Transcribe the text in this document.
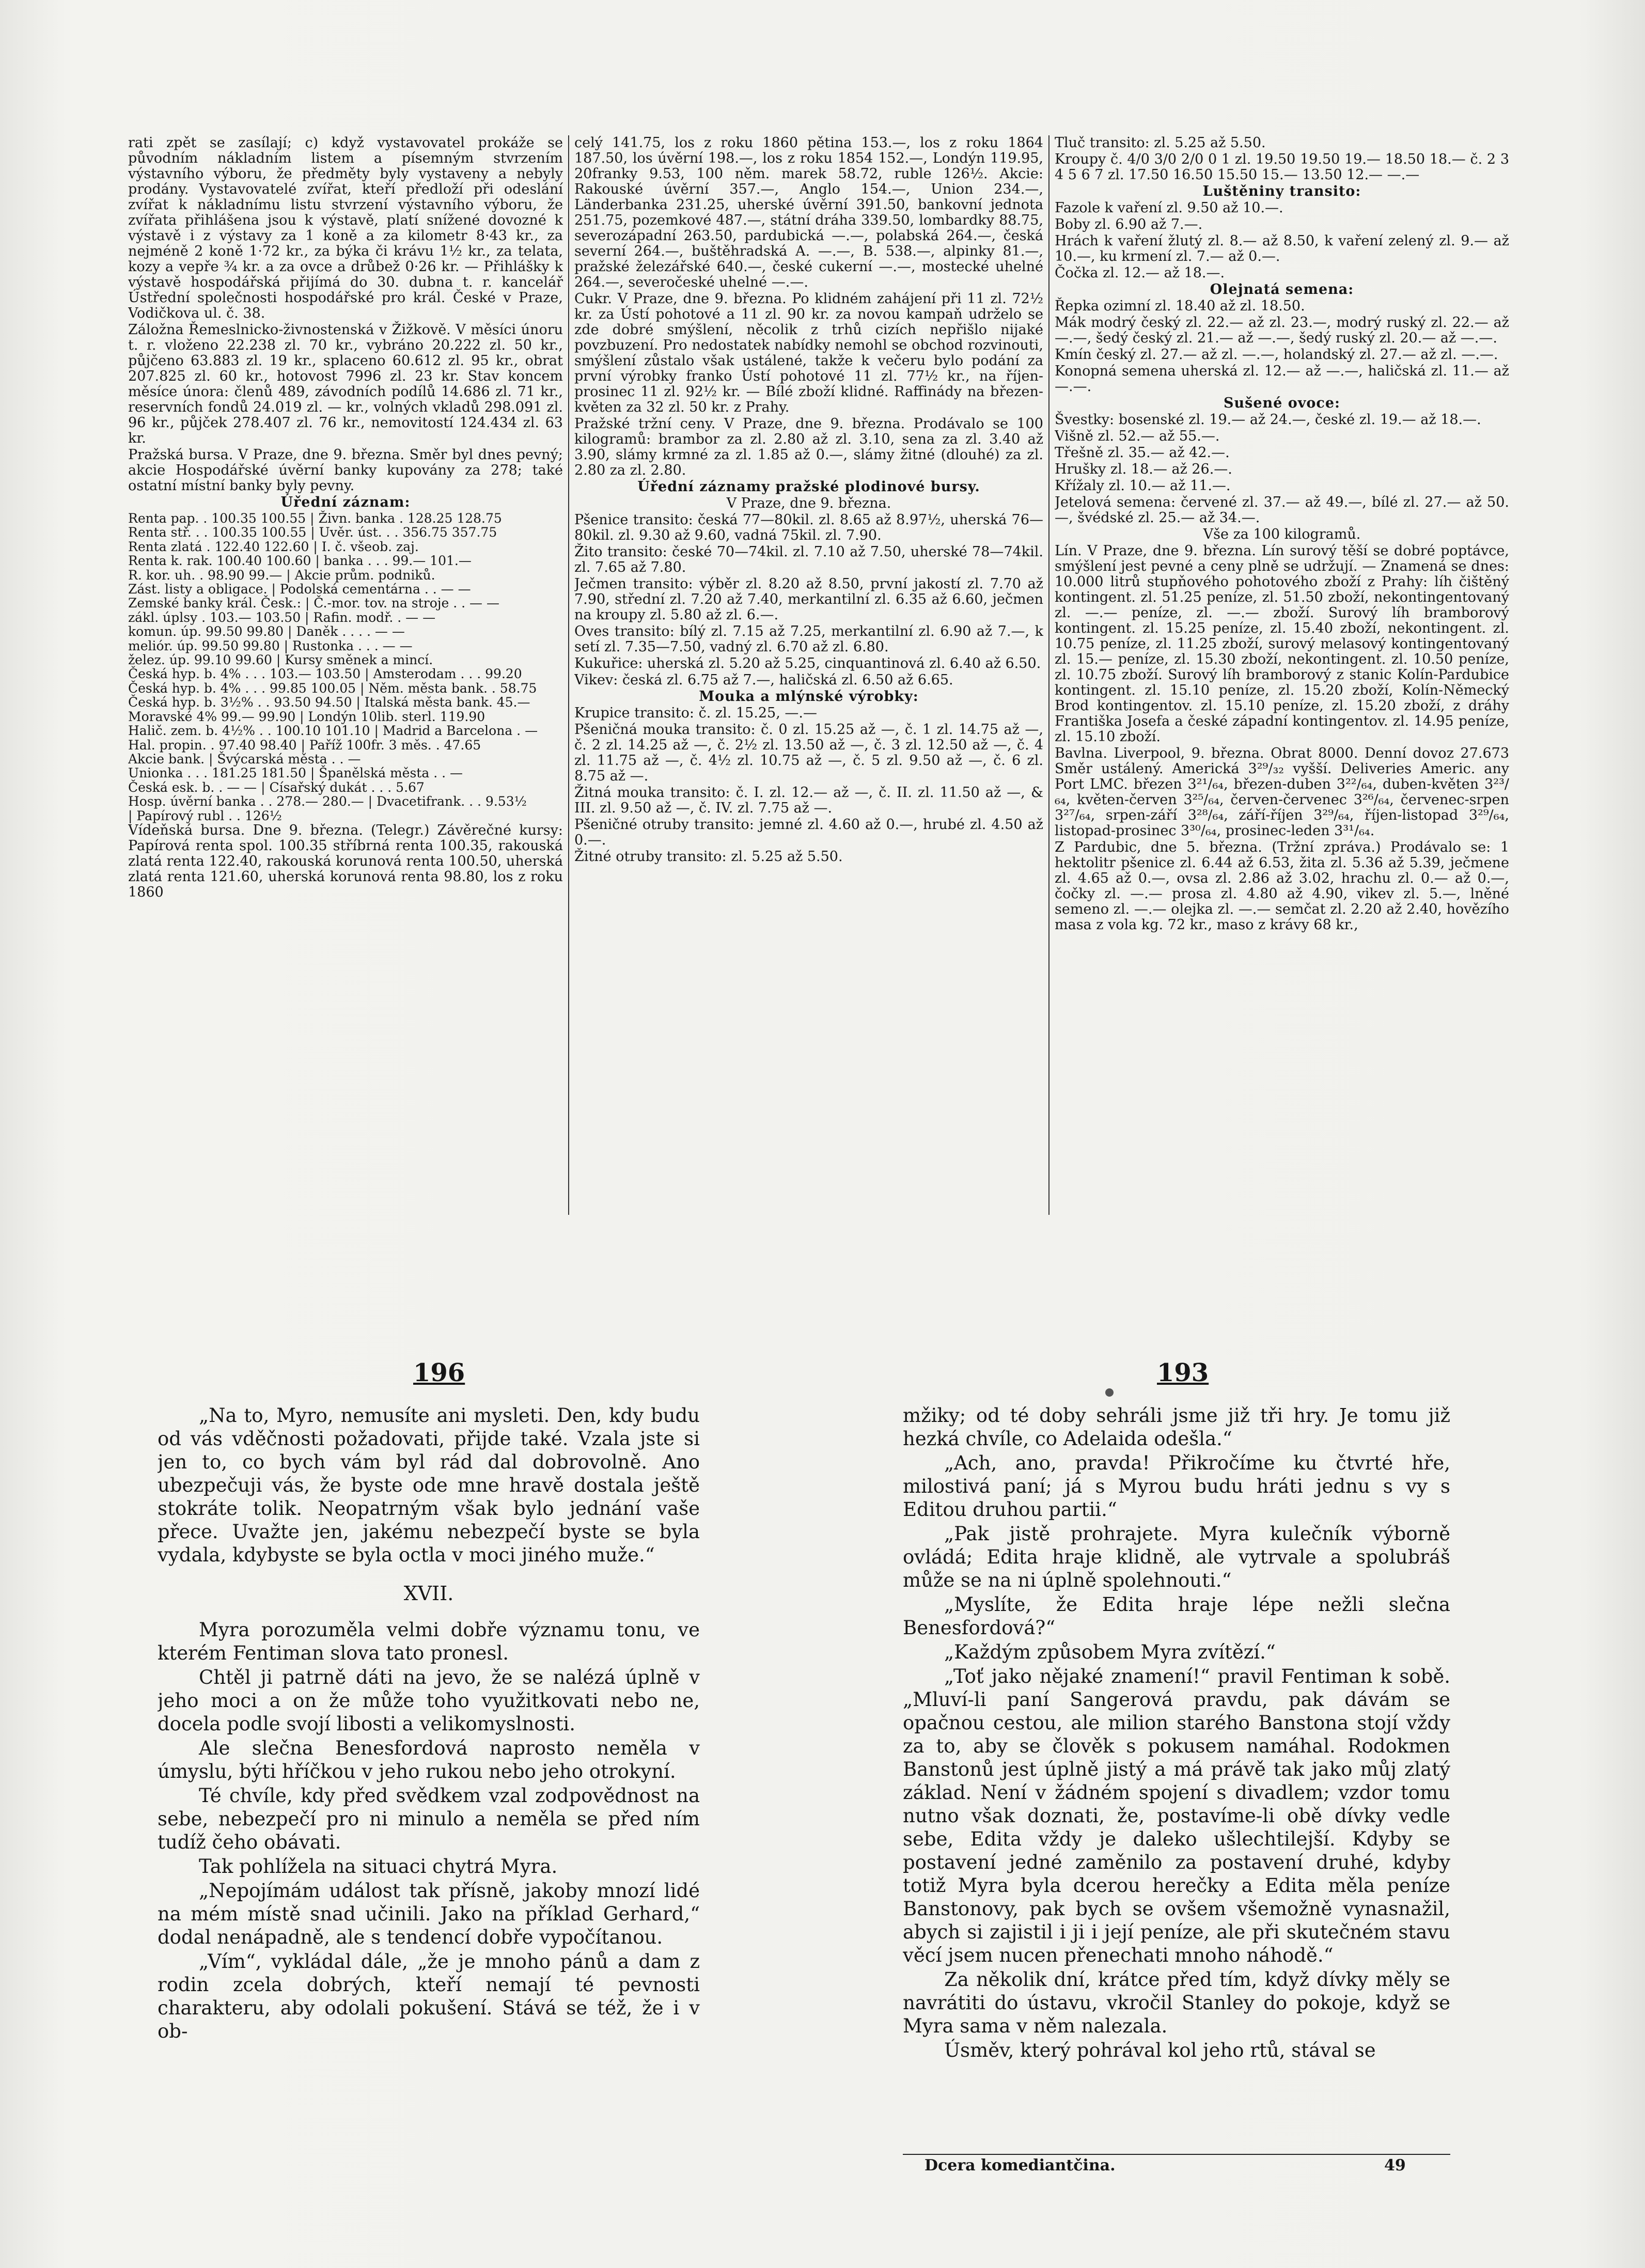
rati zpět se zasílají; c) když vystavovatel prokáže se původním nákladním listem a písemným stvrzením výstavního výboru, že předměty byly vystaveny a nebyly prodány. Vystavovatelé zvířat, kteří předloží při odeslání zvířat k nákladnímu listu stvrzení výstavního výboru, že zvířata přihlášena jsou k výstavě, platí snížené dovozné k výstavě i z výstavy za 1 koně a za kilometr 8·43 kr., za nejméně 2 koně 1·72 kr., za býka či krávu 1½ kr., za telata, kozy a vepře ¾ kr. a za ovce a drůbež 0·26 kr. — Přihlášky k výstavě hospodářská přijímá do 30. dubna t. r. kancelář Ústřední společnosti hospodářské pro král. České v Praze, Vodičkova ul. č. 38.

Záložna Řemeslnicko-živnostenská v Žižkově. V měsíci únoru t. r. vloženo 22.238 zl. 70 kr., vybráno 20.222 zl. 50 kr., půjčeno 63.883 zl. 19 kr., splaceno 60.612 zl. 95 kr., obrat 207.825 zl. 60 kr., hotovost 7996 zl. 23 kr. Stav koncem měsíce února: členů 489, závodních podílů 14.686 zl. 71 kr., reservních fondů 24.019 zl. — kr., volných vkladů 298.091 zl. 96 kr., půjček 278.407 zl. 76 kr., nemovitostí 124.434 zl. 63 kr.

Pražská bursa. V Praze, dne 9. března. Směr byl dnes pevný; akcie Hospodářské úvěrní banky kupovány za 278; také ostatní místní banky byly pevny.

Úřední záznam:

Renta pap. . 100.35 100.55 | Živn. banka . 128.25 128.75
Renta stř. . . 100.35 100.55 | Uvěr. úst. . . 356.75 357.75
Renta zlatá . 122.40 122.60 | I. č. všeob. zaj.
Renta k. rak. 100.40 100.60 | banka . . . 99.— 101.—
R. kor. uh. . 98.90 99.— | Akcie prům. podniků.
Zást. listy a obligace. | Podolská cementárna . . — —
Zemské banky král. Česk.: | Č.-mor. tov. na stroje . . — —
zákl. úplsy . 103.— 103.50 | Rafin. modř. . — —
komun. úp. 99.50 99.80 | Daněk . . . . — —
meliór. úp. 99.50 99.80 | Rustonka . . . — —
želez. úp. 99.10 99.60 | Kursy směnek a mincí.
Česká hyp. b. 4% . . . 103.— 103.50 | Amsterodam . . . 99.20
Česká hyp. b. 4% . . . 99.85 100.05 | Něm. města bank. . 58.75
Česká hyp. b. 3½% . . 93.50 94.50 | Italská města bank. 45.—
Moravské 4% 99.— 99.90 | Londýn 10lib. sterl. 119.90
Halič. zem. b. 4½% . . 100.10 101.10 | Madrid a Barcelona . —
Hal. propin. . 97.40 98.40 | Paříž 100fr. 3 měs. . 47.65
Akcie bank. | Švýcarská města . . —
Unionka . . . 181.25 181.50 | Španělská města . . —
Česká esk. b. . — — | Císařský dukát . . . 5.67
Hosp. úvěrní banka . . 278.— 280.— | Dvacetifrank. . . 9.53½
| Papírový rubl . . 126½

Vídeňská bursa. Dne 9. března. (Telegr.) Závěrečné kursy: Papírová renta spol. 100.35 stříbrná renta 100.35, rakouská zlatá renta 122.40, rakouská korunová renta 100.50, uherská zlatá renta 121.60, uherská korunová renta 98.80, los z roku 1860

celý 141.75, los z roku 1860 pětina 153.—, los z roku 1864 187.50, los úvěrní 198.—, los z roku 1854 152.—, Londýn 119.95, 20franky 9.53, 100 něm. marek 58.72, ruble 126½. Akcie: Rakouské úvěrní 357.—, Anglo 154.—, Union 234.—, Länderbanka 231.25, uherské úvěrní 391.50, bankovní jednota 251.75, pozemkové 487.—, státní dráha 339.50, lombardky 88.75, severozápadní 263.50, pardubická —.—, polabská 264.—, česká severní 264.—, buštěhradská A. —.—, B. 538.—, alpinky 81.—, pražské železářské 640.—, české cukerní —.—, mostecké uhelné 264.—, severočeské uhelné —.—.

Cukr. V Praze, dne 9. března. Po klidném zahájení při 11 zl. 72½ kr. za Ústí pohotové a 11 zl. 90 kr. za novou kampaň udrželo se zde dobré smýšlení, něcolik z trhů cizích nepřišlo nijaké povzbuzení. Pro nedostatek nabídky nemohl se obchod rozvinouti, smýšlení zůstalo však ustálené, takže k večeru bylo podání za první výrobky franko Ústí pohotové 11 zl. 77½ kr., na říjen-prosinec 11 zl. 92½ kr. — Bílé zboží klidné. Raffinády na březen-květen za 32 zl. 50 kr. z Prahy.

Pražské tržní ceny. V Praze, dne 9. března. Prodávalo se 100 kilogramů: brambor za zl. 2.80 až zl. 3.10, sena za zl. 3.40 až 3.90, slámy krmné za zl. 1.85 až 0.—, slámy žitné (dlouhé) za zl. 2.80 za zl. 2.80.

Úřední záznamy pražské plodinové bursy.

V Praze, dne 9. března.

Pšenice transito: česká 77—80kil. zl. 8.65 až 8.97½, uherská 76—80kil. zl. 9.30 až 9.60, vadná 75kil. zl. 7.90.

Žito transito: české 70—74kil. zl. 7.10 až 7.50, uherské 78—74kil. zl. 7.65 až 7.80.

Ječmen transito: výběr zl. 8.20 až 8.50, první jakostí zl. 7.70 až 7.90, střední zl. 7.20 až 7.40, merkantilní zl. 6.35 až 6.60, ječmen na kroupy zl. 5.80 až zl. 6.—.

Oves transito: bílý zl. 7.15 až 7.25, merkantilní zl. 6.90 až 7.—, k setí zl. 7.35—7.50, vadný zl. 6.70 až zl. 6.80.

Kukuřice: uherská zl. 5.20 až 5.25, cinquantinová zl. 6.40 až 6.50.

Vikev: česká zl. 6.75 až 7.—, haličská zl. 6.50 až 6.65.

Mouka a mlýnské výrobky:

Krupice transito: č. zl. 15.25, —.—

Pšeničná mouka transito: č. 0 zl. 15.25 až —, č. 1 zl. 14.75 až —, č. 2 zl. 14.25 až —, č. 2½ zl. 13.50 až —, č. 3 zl. 12.50 až —, č. 4 zl. 11.75 až —, č. 4½ zl. 10.75 až —, č. 5 zl. 9.50 až —, č. 6 zl. 8.75 až —.

Žitná mouka transito: č. I. zl. 12.— až —, č. II. zl. 11.50 až —, & III. zl. 9.50 až —, č. IV. zl. 7.75 až —.

Pšeničné otruby transito: jemné zl. 4.60 až 0.—, hrubé zl. 4.50 až 0.—.

Žitné otruby transito: zl. 5.25 až 5.50.

Tluč transito: zl. 5.25 až 5.50.

Kroupy č. 4/0 3/0 2/0 0 1 zl. 19.50 19.50 19.— 18.50 18.— č. 2 3 4 5 6 7 zl. 17.50 16.50 15.50 15.— 13.50 12.— —.—

Luštěniny transito:

Fazole k vaření zl. 9.50 až 10.—.

Boby zl. 6.90 až 7.—.

Hrách k vaření žlutý zl. 8.— až 8.50, k vaření zelený zl. 9.— až 10.—, ku krmení zl. 7.— až 0.—.

Čočka zl. 12.— až 18.—.

Olejnatá semena:

Řepka ozimní zl. 18.40 až zl. 18.50.

Mák modrý český zl. 22.— až zl. 23.—, modrý ruský zl. 22.— až —.—, šedý český zl. 21.— až —.—, šedý ruský zl. 20.— až —.—.

Kmín český zl. 27.— až zl. —.—, holandský zl. 27.— až zl. —.—.

Konopná semena uherská zl. 12.— až —.—, haličská zl. 11.— až —.—.

Sušené ovoce:

Švestky: bosenské zl. 19.— až 24.—, české zl. 19.— až 18.—.

Višně zl. 52.— až 55.—.

Třešně zl. 35.— až 42.—.

Hrušky zl. 18.— až 26.—.

Křížaly zl. 10.— až 11.—.

Jetelová semena: červené zl. 37.— až 49.—, bílé zl. 27.— až 50.—, švédské zl. 25.— až 34.—.

Vše za 100 kilogramů.

Lín. V Praze, dne 9. března. Lín surový těší se dobré poptávce, smýšlení jest pevné a ceny plně se udržují. — Znamená se dnes: 10.000 litrů stupňového pohotového zboží z Prahy: líh čištěný kontingent. zl. 51.25 peníze, zl. 51.50 zboží, nekontingentovaný zl. —.— peníze, zl. —.— zboží. Surový líh bramborový kontingent. zl. 15.25 peníze, zl. 15.40 zboží, nekontingent. zl. 10.75 peníze, zl. 11.25 zboží, surový melasový kontingentovaný zl. 15.— peníze, zl. 15.30 zboží, nekontingent. zl. 10.50 peníze, zl. 10.75 zboží. Surový líh bramborový z stanic Kolín-Pardubice kontingent. zl. 15.10 peníze, zl. 15.20 zboží, Kolín-Německý Brod kontingentov. zl. 15.10 peníze, zl. 15.20 zboží, z dráhy Františka Josefa a české západní kontingentov. zl. 14.95 peníze, zl. 15.10 zboží.

Bavlna. Liverpool, 9. března. Obrat 8000. Denní dovoz 27.673 Směr ustálený. Americká 3²⁹/₃₂ vyšší. Deliveries Americ. any Port LMC. březen 3²¹/₆₄, březen-duben 3²²/₆₄, duben-květen 3²³/₆₄, květen-červen 3²⁵/₆₄, červen-červenec 3²⁶/₆₄, červenec-srpen 3²⁷/₆₄, srpen-září 3²⁸/₆₄, září-říjen 3²⁹/₆₄, říjen-listopad 3²⁹/₆₄, listopad-prosinec 3³⁰/₆₄, prosinec-leden 3³¹/₆₄.

Z Pardubic, dne 5. března. (Tržní zpráva.) Prodávalo se: 1 hektolitr pšenice zl. 6.44 až 6.53, žita zl. 5.36 až 5.39, ječmene zl. 4.65 až 0.—, ovsa zl. 2.86 až 3.02, hrachu zl. 0.— až 0.—, čočky zl. —.— prosa zl. 4.80 až 4.90, vikev zl. 5.—, lněné semeno zl. —.— olejka zl. —.— semčat zl. 2.20 až 2.40, hovězího masa z vola kg. 72 kr., maso z krávy 68 kr.,

196	193

„Na to, Myro, nemusíte ani mysleti. Den, kdy budu od vás vděčnosti požadovati, přijde také. Vzala jste si jen to, co bych vám byl rád dal dobrovolně. Ano ubezpečuji vás, že byste ode mne hravě dostala ještě stokráte tolik. Neopatrným však bylo jednání vaše přece. Uvažte jen, jakému nebezpečí byste se byla vydala, kdybyste se byla octla v moci jiného muže.“

XVII.

Myra porozuměla velmi dobře významu tonu, ve kterém Fentiman slova tato pronesl.

Chtěl ji patrně dáti na jevo, že se nalézá úplně v jeho moci a on že může toho využitkovati nebo ne, docela podle svojí libosti a velikomyslnosti.

Ale slečna Benesfordová naprosto neměla v úmyslu, býti hříčkou v jeho rukou nebo jeho otrokyní.

Té chvíle, kdy před svědkem vzal zodpovědnost na sebe, nebezpečí pro ni minulo a neměla se před ním tudíž čeho obávati.

Tak pohlížela na situaci chytrá Myra.

„Nepojímám událost tak přísně, jakoby mnozí lidé na mém místě snad učinili. Jako na příklad Gerhard,“ dodal nenápadně, ale s tendencí dobře vypočítanou.

„Vím“, vykládal dále, „že je mnoho pánů a dam z rodin zcela dobrých, kteří nemají té pevnosti charakteru, aby odolali pokušení. Stává se též, že i v ob-

mžiky; od té doby sehráli jsme již tři hry. Je tomu již hezká chvíle, co Adelaida odešla.“

„Ach, ano, pravda! Přikročíme ku čtvrté hře, milostivá paní; já s Myrou budu hráti jednu s vy s Editou druhou partii.“

„Pak jistě prohrajete. Myra kulečník výborně ovládá; Edita hraje klidně, ale vytrvale a spolubráš může se na ni úplně spolehnouti.“

„Myslíte, že Edita hraje lépe nežli slečna Benesfordová?“

„Každým způsobem Myra zvítězí.“

„Toť jako nějaké znamení!“ pravil Fentiman k sobě. „Mluví-li paní Sangerová pravdu, pak dávám se opačnou cestou, ale milion starého Banstona stojí vždy za to, aby se člověk s pokusem namáhal. Rodokmen Banstonů jest úplně jistý a má právě tak jako můj zlatý základ. Není v žádném spojení s divadlem; vzdor tomu nutno však doznati, že, postavíme-li obě dívky vedle sebe, Edita vždy je daleko ušlechtilejší. Kdyby se postavení jedné zaměnilo za postavení druhé, kdyby totiž Myra byla dcerou herečky a Edita měla peníze Banstonovy, pak bych se ovšem všemožně vynasnažil, abych si zajistil i ji i její peníze, ale při skutečném stavu věcí jsem nucen přenechati mnoho náhodě.“

Za několik dní, krátce před tím, když dívky měly se navrátiti do ústavu, vkročil Stanley do pokoje, když se Myra sama v něm nalezala.

Úsměv, který pohrával kol jeho rtů, stával se

Dcera komediantčina.	49
